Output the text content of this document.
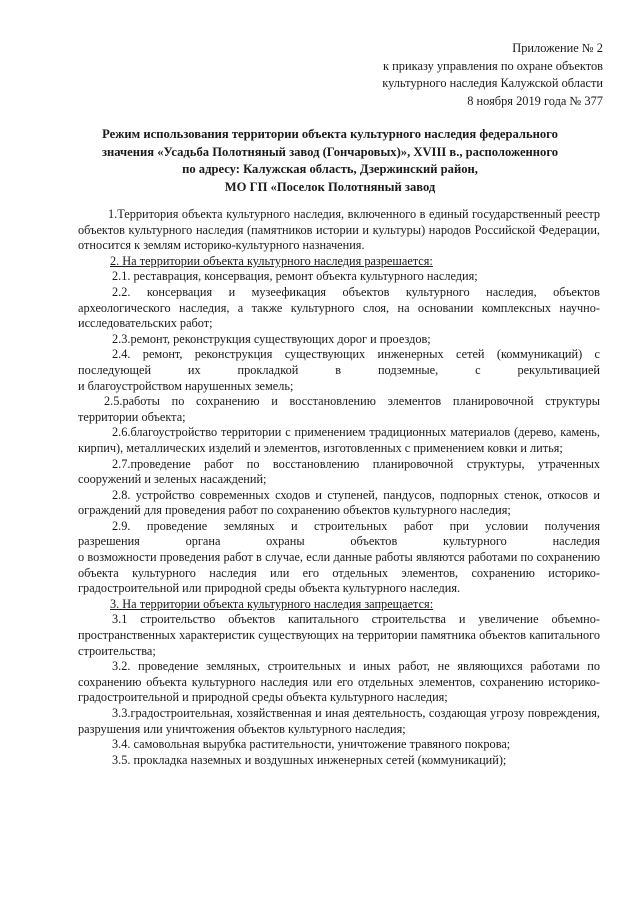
Приложение № 2
к приказу управления по охране объектов
культурного наследия Калужской области
8 ноября 2019 года № 377
Режим использования территории объекта культурного наследия федерального
значения «Усадьба Полотняный завод (Гончаровых)», XVIII в., расположенного
по адресу: Калужская область, Дзержинский район,
МО ГП «Поселок Полотняный завод

1.Территория объекта культурного наследия, включенного в единый государственный реестр объектов культурного наследия (памятников истории и культуры) народов Российской Федерации, относится к землям историко-культурного назначения.

2. На территории объекта культурного наследия разрешается:

2.1. реставрация, консервация, ремонт объекта культурного наследия;

2.2. консервация и музеефикация объектов культурного наследия, объектов археологического наследия, а также культурного слоя, на основании комплексных научно-исследовательских работ;

2.3.ремонт, реконструкция существующих дорог и проездов;

2.4. ремонт, реконструкция существующих инженерных сетей (коммуникаций) с
последующей их прокладкой в подземные, с рекультивацией
и благоустройством нарушенных земель;

2.5.работы по сохранению и восстановлению элементов планировочной структуры территории объекта;

2.6.благоустройство территории с применением традиционных материалов (дерево, камень, кирпич), металлических изделий и элементов, изготовленных с применением ковки и литья;

2.7.проведение работ по восстановлению планировочной структуры, утраченных сооружений и зеленых насаждений;

2.8. устройство современных сходов и ступеней, пандусов, подпорных стенок, откосов и ограждений для проведения работ по сохранению объектов культурного наследия;

2.9. проведение земляных и строительных работ при условии получения
разрешения органа охраны объектов культурного наследия
о возможности проведения работ в случае, если данные работы являются работами по сохранению объекта культурного наследия или его отдельных элементов, сохранению историко-градостроительной или природной среды объекта культурного наследия.

3. На территории объекта культурного наследия запрещается:

3.1 строительство объектов капитального строительства и увеличение объемно-пространственных характеристик существующих на территории памятника объектов капитального строительства;

3.2. проведение земляных, строительных и иных работ, не являющихся работами по сохранению объекта культурного наследия или его отдельных элементов, сохранению историко-градостроительной и природной среды объекта культурного наследия;

3.3.градостроительная, хозяйственная и иная деятельность, создающая угрозу повреждения, разрушения или уничтожения объектов культурного наследия;

3.4. самовольная вырубка растительности, уничтожение травяного покрова;

3.5. прокладка наземных и воздушных инженерных сетей (коммуникаций);
